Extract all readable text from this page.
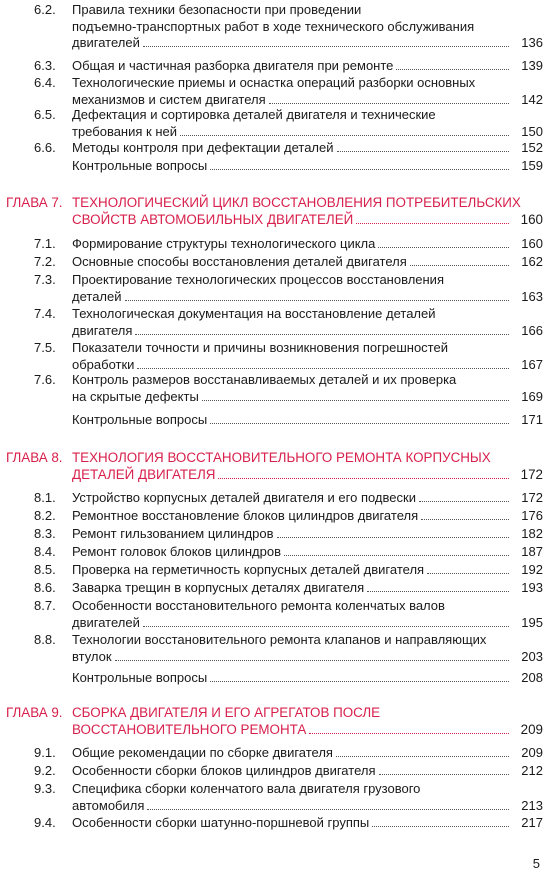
6.2.	Правила техники безопасности при проведении
подъемно-транспортных работ в ходе технического обслуживания
двигателей	136
6.3.	Общая и частичная разборка двигателя при ремонте	139
6.4.	Технологические приемы и оснастка операций разборки основных
механизмов и систем двигателя	142
6.5.	Дефектация и сортировка деталей двигателя и технические
требования к ней	150
6.6.	Методы контроля при дефектации деталей	152
Контрольные вопросы	159
ГЛАВА 7. ТЕХНОЛОГИЧЕСКИЙ ЦИКЛ ВОССТАНОВЛЕНИЯ ПОТРЕБИТЕЛЬСКИХ
СВОЙСТВ АВТОМОБИЛЬНЫХ ДВИГАТЕЛЕЙ	160
7.1.	Формирование структуры технологического цикла	160
7.2.	Основные способы восстановления деталей двигателя	162
7.3.	Проектирование технологических процессов восстановления
деталей	163
7.4.	Технологическая документация на восстановление деталей
двигателя	166
7.5.	Показатели точности и причины возникновения погрешностей
обработки	167
7.6.	Контроль размеров восстанавливаемых деталей и их проверка
на скрытые дефекты	169
Контрольные вопросы	171
ГЛАВА 8. ТЕХНОЛОГИЯ ВОССТАНОВИТЕЛЬНОГО РЕМОНТА КОРПУСНЫХ
ДЕТАЛЕЙ ДВИГАТЕЛЯ	172
8.1.	Устройство корпусных деталей двигателя и его подвески	172
8.2.	Ремонтное восстановление блоков цилиндров двигателя	176
8.3.	Ремонт гильзованием цилиндров	182
8.4.	Ремонт головок блоков цилиндров	187
8.5.	Проверка на герметичность корпусных деталей двигателя	192
8.6.	Заварка трещин в корпусных деталях двигателя	193
8.7.	Особенности восстановительного ремонта коленчатых валов
двигателей	195
8.8.	Технологии восстановительного ремонта клапанов и направляющих
втулок	203
Контрольные вопросы	208
ГЛАВА 9. СБОРКА ДВИГАТЕЛЯ И ЕГО АГРЕГАТОВ ПОСЛЕ
ВОССТАНОВИТЕЛЬНОГО РЕМОНТА	209
9.1.	Общие рекомендации по сборке двигателя	209
9.2.	Особенности сборки блоков цилиндров двигателя	212
9.3.	Специфика сборки коленчатого вала двигателя грузового
автомобиля	213
9.4.	Особенности сборки шатунно-поршневой группы	217
5
